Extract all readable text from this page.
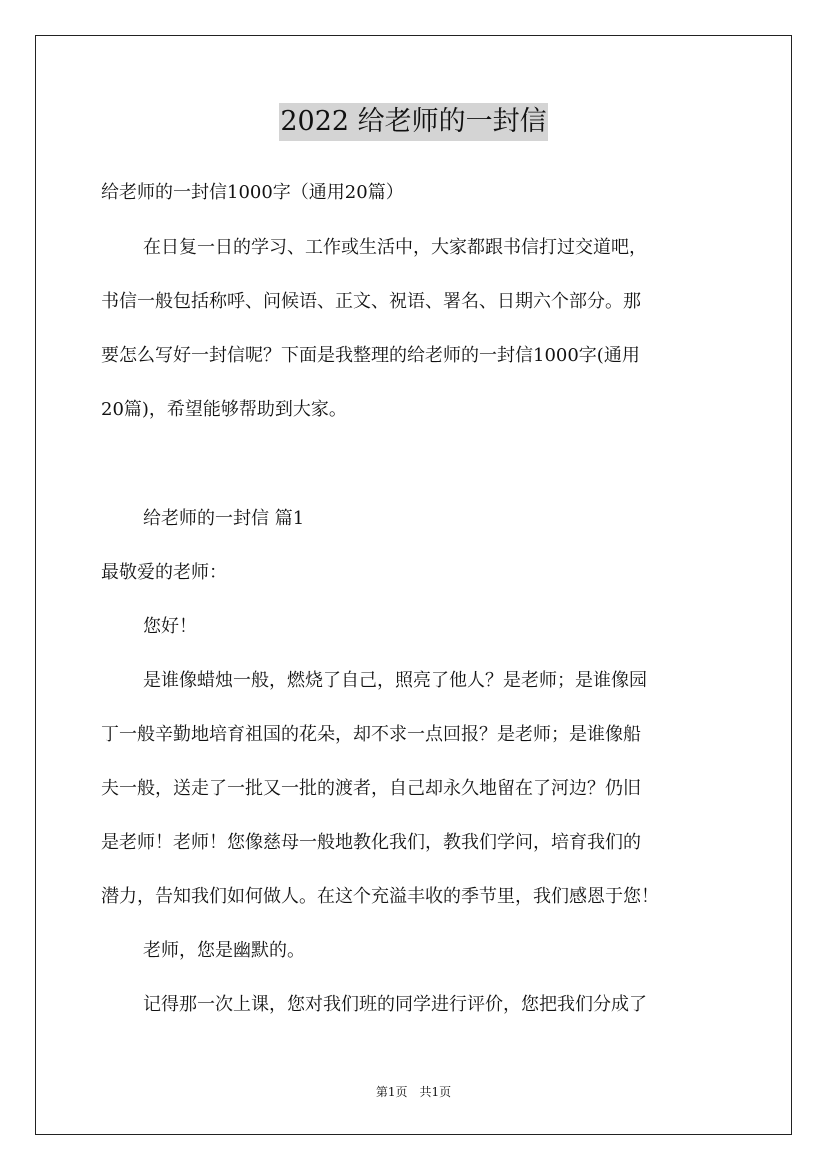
2022 给老师的一封信
给老师的一封信1000字（通用20篇）
在日复一日的学习、工作或生活中，大家都跟书信打过交道吧，
书信一般包括称呼、问候语、正文、祝语、署名、日期六个部分。那
要怎么写好一封信呢？下面是我整理的给老师的一封信1000字(通用
20篇)，希望能够帮助到大家。
给老师的一封信 篇1
最敬爱的老师：
您好！
是谁像蜡烛一般，燃烧了自己，照亮了他人？是老师；是谁像园
丁一般辛勤地培育祖国的花朵，却不求一点回报？是老师；是谁像船
夫一般，送走了一批又一批的渡者，自己却永久地留在了河边？仍旧
是老师！老师！您像慈母一般地教化我们，教我们学问，培育我们的
潜力，告知我们如何做人。在这个充溢丰收的季节里，我们感恩于您！
老师，您是幽默的。
记得那一次上课，您对我们班的同学进行评价，您把我们分成了
第1页　共1页
